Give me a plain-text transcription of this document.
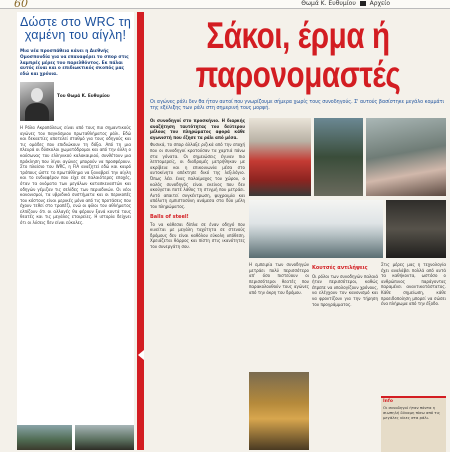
60	Θωμά Κ. Ευθυμίου Αρχείο
Δώστε στο WRC τη χαμένη του αίγλη!
Μια νέα προσπάθεια κάνει η Διεθνής Ομοσπονδία για να επαναφέρει το σπορ στις λαμπρές μέρες του παρελθόντος. Εκ πάλαι αυτός είναι και ο επιδιωκτικός σκοπός μας εδώ και χρόνια.
Του Θωμά Κ. Ευθυμίου
Η Ρόλα Ακροπόλεως είναι από τους πιο σημαντικούς αγώνες του παγκόσμιου πρωταθλήματος ράλι. Εδώ και δεκαετίες αποτελεί σταθμό για τους οδηγούς και τις ομάδες που επιδιώκουν τη δόξα. Από τη μια πλευρά οι δύσκολοι χωματόδρομοι και από την άλλη ο καύσωνας του ελληνικού καλοκαιριού, συνθέτουν μια πρόκληση που λίγοι αγώνες μπορούν να προσφέρουν. Στο πλαίσιο του WRC, η FIA αναζητεί εδώ και καιρό τρόπους ώστε το πρωτάθλημα να ξαναβρεί την αίγλη και το ενδιαφέρον που είχε σε παλαιότερες εποχές, όταν τα ονόματα των μεγάλων κατασκευαστών και οδηγών γέμιζαν τις σελίδες των περιοδικών. Οι νέοι κανονισμοί, τα υβριδικά συστήματα και οι περικοπές του κόστους είναι μερικές μόνο από τις προτάσεις που έχουν τεθεί στο τραπέζι, ενώ οι φίλοι του αθλήματος ελπίζουν ότι οι αλλαγές θα φέρουν ξανά κοντά τους θεατές και τις μεγάλες εταιρείες. Η ιστορία δείχνει ότι οι λύσεις δεν είναι εύκολες.
Σάκοι, έρμα ή
παρονομαστές
Οι αγώνες ράλι δεν θα ήταν αυτοί που γνωρίζουμε σήμερα χωρίς τους συνοδηγούς. Σ' αυτούς βασίστηκε μεγάλο κομμάτι της εξέλιξης των ράλι στη σημερινή τους μορφή.
Οι συνοδηγοί στο προσκήνιο. Η διαρκής αναζήτηση ταυτότητας του δεύτερου μέλους του πληρώματος αφορά κάθε αγωνιστή που έζησε τα ράλι από μέσα.
Φυσικά, το σπορ άλλαξε ριζικά από την εποχή που οι συνοδηγοί κρατούσαν τα χαρτιά πάνω στα γόνατα. Οι σημειώσεις έγιναν πιο λεπτομερείς, οι διαδρομές μετρήθηκαν με ακρίβεια και η επικοινωνία μέσα στο αυτοκίνητο απέκτησε δικό της λεξιλόγιο. Όπως λέει ένας παλαίμαχος του χώρου, ο καλός συνοδηγός είναι εκείνος που δεν ακούγεται ποτέ λάθος τη στιγμή που μετράει. Αυτό απαιτεί συγκέντρωση, ψυχραιμία και απόλυτη εμπιστοσύνη ανάμεσα στα δύο μέλη του πληρώματος.
Balls of steel!
Το να κάθεσαι δίπλα σε έναν οδηγό που κινείται με μεγάλη ταχύτητα σε στενούς δρόμους δεν είναι καθόλου εύκολη υπόθεση. Χρειάζεται θάρρος και πίστη στις ικανότητες του συνεργάτη σου.
Η εμπειρία των συνοδηγών μετράει πολύ περισσότερο απ' όσο πιστεύουν οι περισσότεροι θεατές που παρακολουθούν τους αγώνες από την άκρη του δρόμου.
Κουτσές αντιλήψεις
Οι ρόλοι των συνοδηγών παλαιά ήταν περισσότεροι, καθώς έπρεπε να υπολογίζουν χρόνους, να ελέγχουν τον κανονισμό και να φροντίζουν για την τήρηση του προγράμματος.
Στις μέρες μας η τεχνολογία έχει αναλάβει πολλά από αυτά τα καθήκοντα, ωστόσο ο ανθρώπινος παράγοντας παραμένει αναντικατάστατος. Κάθε σημείωση, κάθε προειδοποίηση μπορεί να σώσει ένα πλήρωμα από την έξοδο.
Info
Οι συνοδηγοί ήταν πάντα η σιωπηλή δύναμη πίσω από τις μεγάλες νίκες στα ράλι.
